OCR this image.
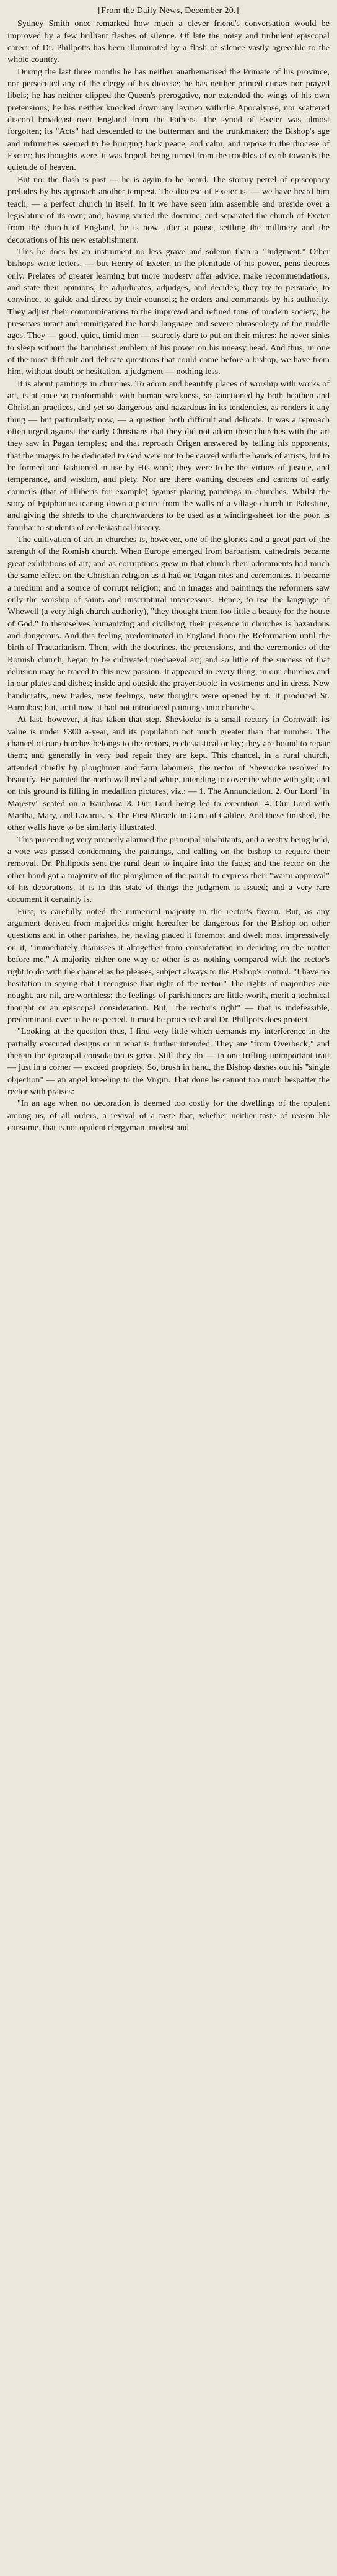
[From the Daily News, December 20.]

Sydney Smith once remarked how much a clever friend's conversation would be improved by a few brilliant flashes of silence. Of late the noisy and turbulent episcopal career of Dr. Phillpotts has been illuminated by a flash of silence vastly agreeable to the whole country.

During the last three months he has neither anathematised the Primate of his province, nor persecuted any of the clergy of his diocese; he has neither printed curses nor prayed libels; he has neither clipped the Queen's prerogative, nor extended the wings of his own pretensions; he has neither knocked down any laymen with the Apocalypse, nor scattered discord broadcast over England from the Fathers. The synod of Exeter was almost forgotten; its "Acts" had descended to the butterman and the trunkmaker; the Bishop's age and infirmities seemed to be bringing back peace, and calm, and repose to the diocese of Exeter; his thoughts were, it was hoped, being turned from the troubles of earth towards the quietude of heaven.

But no: the flash is past — he is again to be heard. The stormy petrel of episcopacy preludes by his approach another tempest. The diocese of Exeter is, — we have heard him teach, — a perfect church in itself. In it we have seen him assemble and preside over a legislature of its own; and, having varied the doctrine, and separated the church of Exeter from the church of England, he is now, after a pause, settling the millinery and the decorations of his new establishment.

This he does by an instrument no less grave and solemn than a "Judgment." Other bishops write letters, — but Henry of Exeter, in the plenitude of his power, pens decrees only. Prelates of greater learning but more modesty offer advice, make recommendations, and state their opinions; he adjudicates, adjudges, and decides; they try to persuade, to convince, to guide and direct by their counsels; he orders and commands by his authority. They adjust their communications to the improved and refined tone of modern society; he preserves intact and unmitigated the harsh language and severe phraseology of the middle ages. They — good, quiet, timid men — scarcely dare to put on their mitres; he never sinks to sleep without the haughtiest emblem of his power on his uneasy head. And thus, in one of the most difficult and delicate questions that could come before a bishop, we have from him, without doubt or hesitation, a judgment — nothing less.

It is about paintings in churches. To adorn and beautify places of worship with works of art, is at once so conformable with human weakness, so sanctioned by both heathen and Christian practices, and yet so dangerous and hazardous in its tendencies, as renders it any thing — but particularly now, — a question both difficult and delicate. It was a reproach often urged against the early Christians that they did not adorn their churches with the art they saw in Pagan temples; and that reproach Origen answered by telling his opponents, that the images to be dedicated to God were not to be carved with the hands of artists, but to be formed and fashioned in use by His word; they were to be the virtues of justice, and temperance, and wisdom, and piety. Nor are there wanting decrees and canons of early councils (that of Illiberis for example) against placing paintings in churches. Whilst the story of Epiphanius tearing down a picture from the walls of a village church in Palestine, and giving the shreds to the churchwardens to be used as a winding-sheet for the poor, is familiar to students of ecclesiastical history.

The cultivation of art in churches is, however, one of the glories and a great part of the strength of the Romish church. When Europe emerged from barbarism, cathedrals became great exhibitions of art; and as corruptions grew in that church their adornments had much the same effect on the Christian religion as it had on Pagan rites and ceremonies. It became a medium and a source of corrupt religion; and in images and paintings the reformers saw only the worship of saints and unscriptural intercessors. Hence, to use the language of Whewell (a very high church authority), "they thought them too little a beauty for the house of God." In themselves humanizing and civilising, their presence in churches is hazardous and dangerous. And this feeling predominated in England from the Reformation until the birth of Tractarianism. Then, with the doctrines, the pretensions, and the ceremonies of the Romish church, began to be cultivated mediaeval art; and so little of the success of that delusion may be traced to this new passion. It appeared in every thing; in our churches and in our plates and dishes; inside and outside the prayer-book; in vestments and in dress. New handicrafts, new trades, new feelings, new thoughts were opened by it. It produced St. Barnabas; but, until now, it had not introduced paintings into churches.

At last, however, it has taken that step. Shevioeke is a small rectory in Cornwall; its value is under £300 a-year, and its population not much greater than that number. The chancel of our churches belongs to the rectors, ecclesiastical or lay; they are bound to repair them; and generally in very bad repair they are kept. This chancel, in a rural church, attended chiefly by ploughmen and farm labourers, the rector of Sheviocke resolved to beautify. He painted the north wall red and white, intending to cover the white with gilt; and on this ground is filling in medallion pictures, viz.: — 1. The Annunciation. 2. Our Lord "in Majesty" seated on a Rainbow. 3. Our Lord being led to execution. 4. Our Lord with Martha, Mary, and Lazarus. 5. The First Miracle in Cana of Galilee. And these finished, the other walls have to be similarly illustrated.

This proceeding very properly alarmed the principal inhabitants, and a vestry being held, a vote was passed condemning the paintings, and calling on the bishop to require their removal. Dr. Phillpotts sent the rural dean to inquire into the facts; and the rector on the other hand got a majority of the ploughmen of the parish to express their "warm approval" of his decorations. It is in this state of things the judgment is issued; and a very rare document it certainly is.

First, is carefully noted the numerical majority in the rector's favour. But, as any argument derived from majorities might hereafter be dangerous for the Bishop on other questions and in other parishes, he, having placed it foremost and dwelt most impressively on it, "immediately dismisses it altogether from consideration in deciding on the matter before me." A majority either one way or other is as nothing compared with the rector's right to do with the chancel as he pleases, subject always to the Bishop's control. "I have no hesitation in saying that I recognise that right of the rector." The rights of majorities are nought, are nil, are worthless; the feelings of parishioners are little worth, merit a technical thought or an episcopal consideration. But, "the rector's right" — that is indefeasible, predominant, ever to be respected. It must be protected; and Dr. Phillpots does protect.

"Looking at the question thus, I find very little which demands my interference in the partially executed designs or in what is further intended. They are "from Overbeck;" and therein the episcopal consolation is great. Still they do — in one trifling unimportant trait — just in a corner — exceed propriety. So, brush in hand, the Bishop dashes out his "single objection" — an angel kneeling to the Virgin. That done he cannot too much bespatter the rector with praises:

"In an age when no decoration is deemed too costly for the dwellings of the opulent among us, of all orders, a revival of a taste that, whether neither taste of reason ble consume, that is not opulent clergyman, modest and
